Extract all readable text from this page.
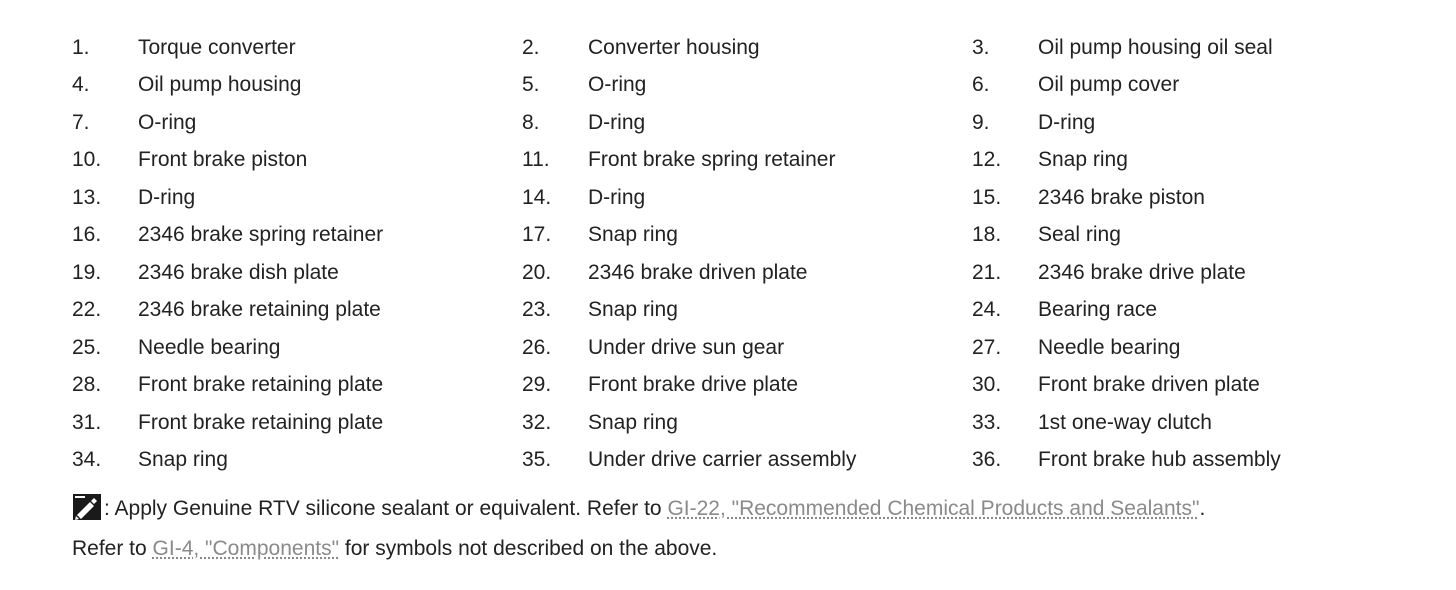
1.	Torque converter	2.	Converter housing	3.	Oil pump housing oil seal
4.	Oil pump housing	5.	O-ring	6.	Oil pump cover
7.	O-ring	8.	D-ring	9.	D-ring
10.	Front brake piston	11.	Front brake spring retainer	12.	Snap ring
13.	D-ring	14.	D-ring	15.	2346 brake piston
16.	2346 brake spring retainer	17.	Snap ring	18.	Seal ring
19.	2346 brake dish plate	20.	2346 brake driven plate	21.	2346 brake drive plate
22.	2346 brake retaining plate	23.	Snap ring	24.	Bearing race
25.	Needle bearing	26.	Under drive sun gear	27.	Needle bearing
28.	Front brake retaining plate	29.	Front brake drive plate	30.	Front brake driven plate
31.	Front brake retaining plate	32.	Snap ring	33.	1st one-way clutch
34.	Snap ring	35.	Under drive carrier assembly	36.	Front brake hub assembly
: Apply Genuine RTV silicone sealant or equivalent. Refer to GI-22, "Recommended Chemical Products and Sealants".
Refer to GI-4, "Components" for symbols not described on the above.
